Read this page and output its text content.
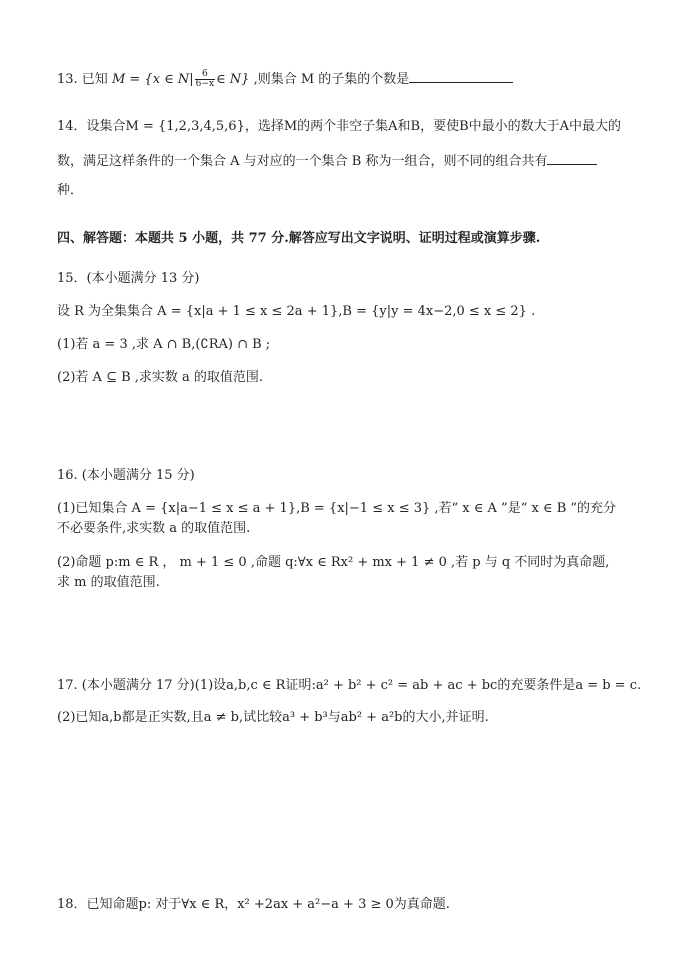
13. 已知 M = {x ∈ $N| \frac{6}{6-x}$ ∈ N} ,则集合 M 的子集的个数是
14．设集合M = {1,2,3,4,5,6}，选择M的两个非空子集A和B，要使B中最小的数大于A中最大的
数，满足这样条件的一个集合 A 与对应的一个集合 B 称为一组合，则不同的组合共有
种．
四、解答题：本题共 5 小题，共 77 分.解答应写出文字说明、证明过程或演算步骤.
15．(本小题满分 13 分)
设 R 为全集集合 A = {x|a + 1 ≤ x ≤ 2a + 1},B = {y|y = 4x−2,0 ≤ x ≤ 2} .
(1)若 a = 3 ,求 A ∩ B,(∁RA) ∩ B ;
(2)若 A ⊆ B ,求实数 a 的取值范围.
16. (本小题满分 15 分)
(1)已知集合 A = {x|a−1 ≤ x ≤ a + 1},B = {x|−1 ≤ x ≤ 3} ,若“ x ∈ A ”是“ x ∈ B ”的充分
不必要条件,求实数 a 的取值范围.
(2)命题 p:m ∈ R ， m + 1 ≤ 0 ,命题 q:∀x ∈ Rx² + mx + 1 ≠ 0 ,若 p 与 q 不同时为真命题,
求 m 的取值范围.
17. (本小题满分 17 分)(1)设a,b,c ∈ R证明:a² + b² + c² = ab + ac + bc的充要条件是a = b = c.
(2)已知a,b都是正实数,且a ≠ b,试比较a³ + b³与ab² + a²b的大小,并证明.
18．已知命题p: 对于∀x ∈ R，x² +2ax + a²−a + 3 ≥ 0为真命题.
